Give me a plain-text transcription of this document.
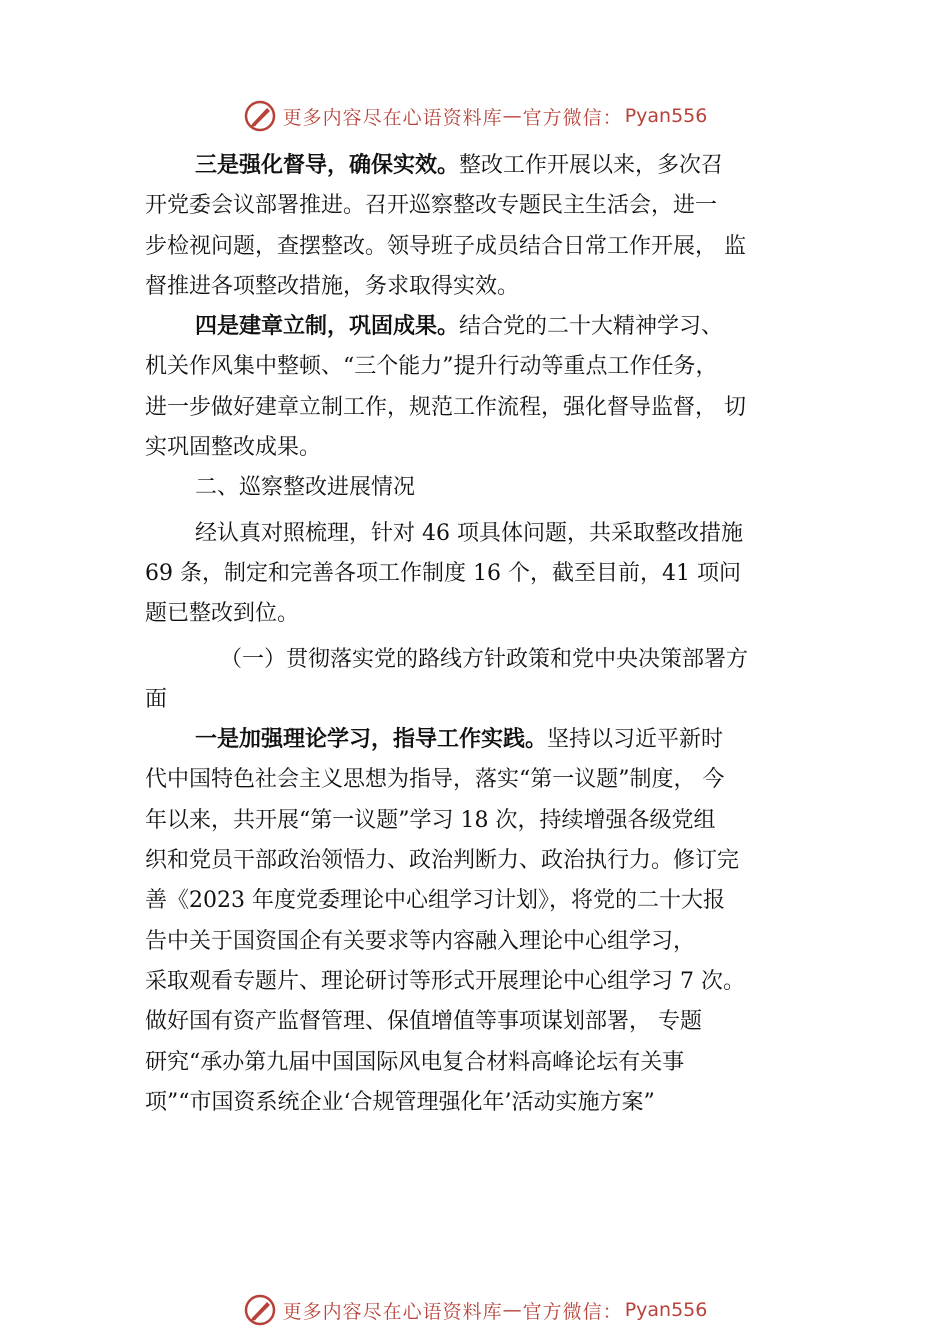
更多内容尽在心语资料库 — 官方微信： Pyan556

三是强化督导，确保实效。整改工作开展以来，多次召
开党委会议部署推进。召开巡察整改专题民主生活会，进一
步检视问题，查摆整改。领导班子成员结合日常工作开展， 监
督推进各项整改措施，务求取得实效。

四是建章立制，巩固成果。结合党的二十大精神学习、
机关作风集中整顿、“三个能力”提升行动等重点工作任务，
进一步做好建章立制工作，规范工作流程，强化督导监督， 切
实巩固整改成果。

二、巡察整改进展情况

经认真对照梳理，针对 46 项具体问题，共采取整改措施
69 条，制定和完善各项工作制度 16 个，截至目前，41 项问
题已整改到位。

（一）贯彻落实党的路线方针政策和党中央决策部署方
面

一是加强理论学习，指导工作实践。坚持以习近平新时
代中国特色社会主义思想为指导，落实“第一议题”制度， 今
年以来，共开展“第一议题”学习 18 次，持续增强各级党组
织和党员干部政治领悟力、政治判断力、政治执行力。修订完
善《2023 年度党委理论中心组学习计划》，将党的二十大报
告中关于国资国企有关要求等内容融入理论中心组学习，
采取观看专题片、理论研讨等形式开展理论中心组学习 7 次。
做好国有资产监督管理、保值增值等事项谋划部署， 专题
研究“承办第九届中国国际风电复合材料高峰论坛有关事
项”“市国资系统企业‘合规管理强化年’活动实施方案”

更多内容尽在心语资料库 — 官方微信： Pyan556
